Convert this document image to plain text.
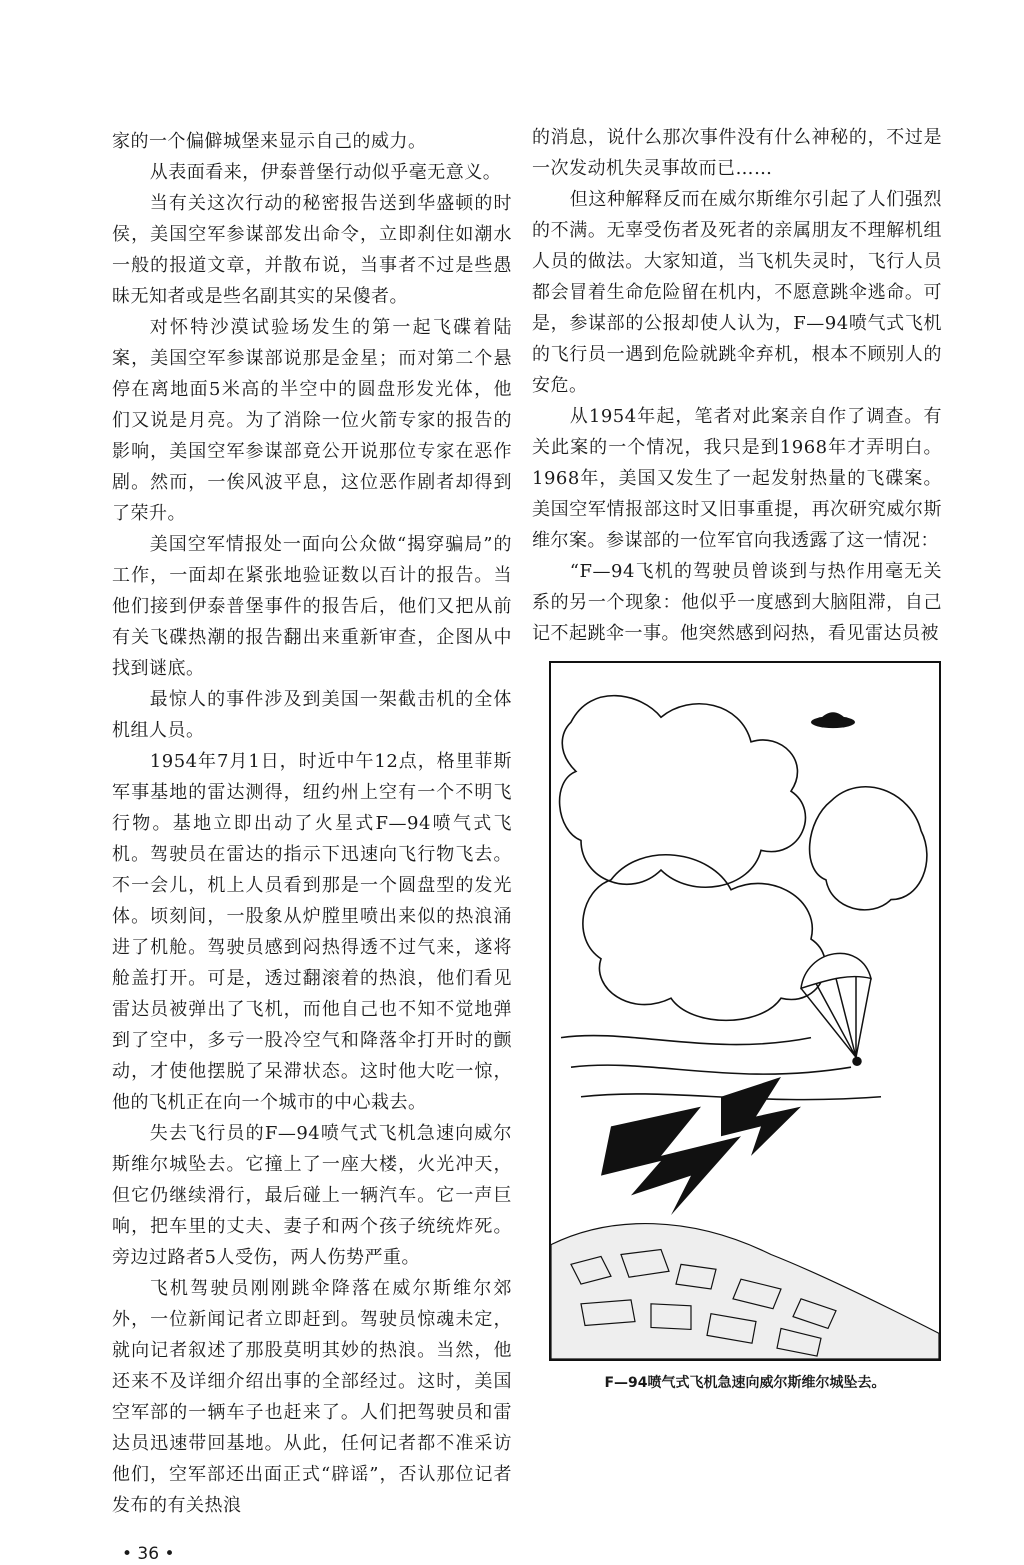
家的一个偏僻城堡来显示自己的威力。

从表面看来，伊泰普堡行动似乎毫无意义。

当有关这次行动的秘密报告送到华盛顿的时侯，美国空军参谋部发出命令，立即刹住如潮水一般的报道文章，并散布说，当事者不过是些愚昧无知者或是些名副其实的呆傻者。

对怀特沙漠试验场发生的第一起飞碟着陆案，美国空军参谋部说那是金星；而对第二个悬停在离地面5米高的半空中的圆盘形发光体，他们又说是月亮。为了消除一位火箭专家的报告的影响，美国空军参谋部竟公开说那位专家在恶作剧。然而，一俟风波平息，这位恶作剧者却得到了荣升。

美国空军情报处一面向公众做“揭穿骗局”的工作，一面却在紧张地验证数以百计的报告。当他们接到伊泰普堡事件的报告后，他们又把从前有关飞碟热潮的报告翻出来重新审查，企图从中找到谜底。

最惊人的事件涉及到美国一架截击机的全体机组人员。

1954年7月1日，时近中午12点，格里菲斯军事基地的雷达测得，纽约州上空有一个不明飞行物。基地立即出动了火星式F—94喷气式飞机。驾驶员在雷达的指示下迅速向飞行物飞去。不一会儿，机上人员看到那是一个圆盘型的发光体。顷刻间，一股象从炉膛里喷出来似的热浪涌进了机舱。驾驶员感到闷热得透不过气来，遂将舱盖打开。可是，透过翻滚着的热浪，他们看见雷达员被弹出了飞机，而他自己也不知不觉地弹到了空中，多亏一股冷空气和降落伞打开时的颤动，才使他摆脱了呆滞状态。这时他大吃一惊，他的飞机正在向一个城市的中心栽去。

失去飞行员的F—94喷气式飞机急速向威尔斯维尔城坠去。它撞上了一座大楼，火光冲天，但它仍继续滑行，最后碰上一辆汽车。它一声巨响，把车里的丈夫、妻子和两个孩子统统炸死。旁边过路者5人受伤，两人伤势严重。

飞机驾驶员刚刚跳伞降落在威尔斯维尔郊外，一位新闻记者立即赶到。驾驶员惊魂未定，就向记者叙述了那股莫明其妙的热浪。当然，他还来不及详细介绍出事的全部经过。这时，美国空军部的一辆车子也赶来了。人们把驾驶员和雷达员迅速带回基地。从此，任何记者都不准采访他们，空军部还出面正式“辟谣”，否认那位记者发布的有关热浪

• 36 •

的消息，说什么那次事件没有什么神秘的，不过是一次发动机失灵事故而已……

但这种解释反而在威尔斯维尔引起了人们强烈的不满。无辜受伤者及死者的亲属朋友不理解机组人员的做法。大家知道，当飞机失灵时，飞行人员都会冒着生命危险留在机内，不愿意跳伞逃命。可是，参谋部的公报却使人认为，F—94喷气式飞机的飞行员一遇到危险就跳伞弃机，根本不顾别人的安危。

从1954年起，笔者对此案亲自作了调查。有关此案的一个情况，我只是到1968年才弄明白。1968年，美国又发生了一起发射热量的飞碟案。美国空军情报部这时又旧事重提，再次研究威尔斯维尔案。参谋部的一位军官向我透露了这一情况：

“F—94飞机的驾驶员曾谈到与热作用毫无关系的另一个现象：他似乎一度感到大脑阻滞，自己记不起跳伞一事。他突然感到闷热，看见雷达员被

F—94喷气式飞机急速向威尔斯维尔城坠去。
